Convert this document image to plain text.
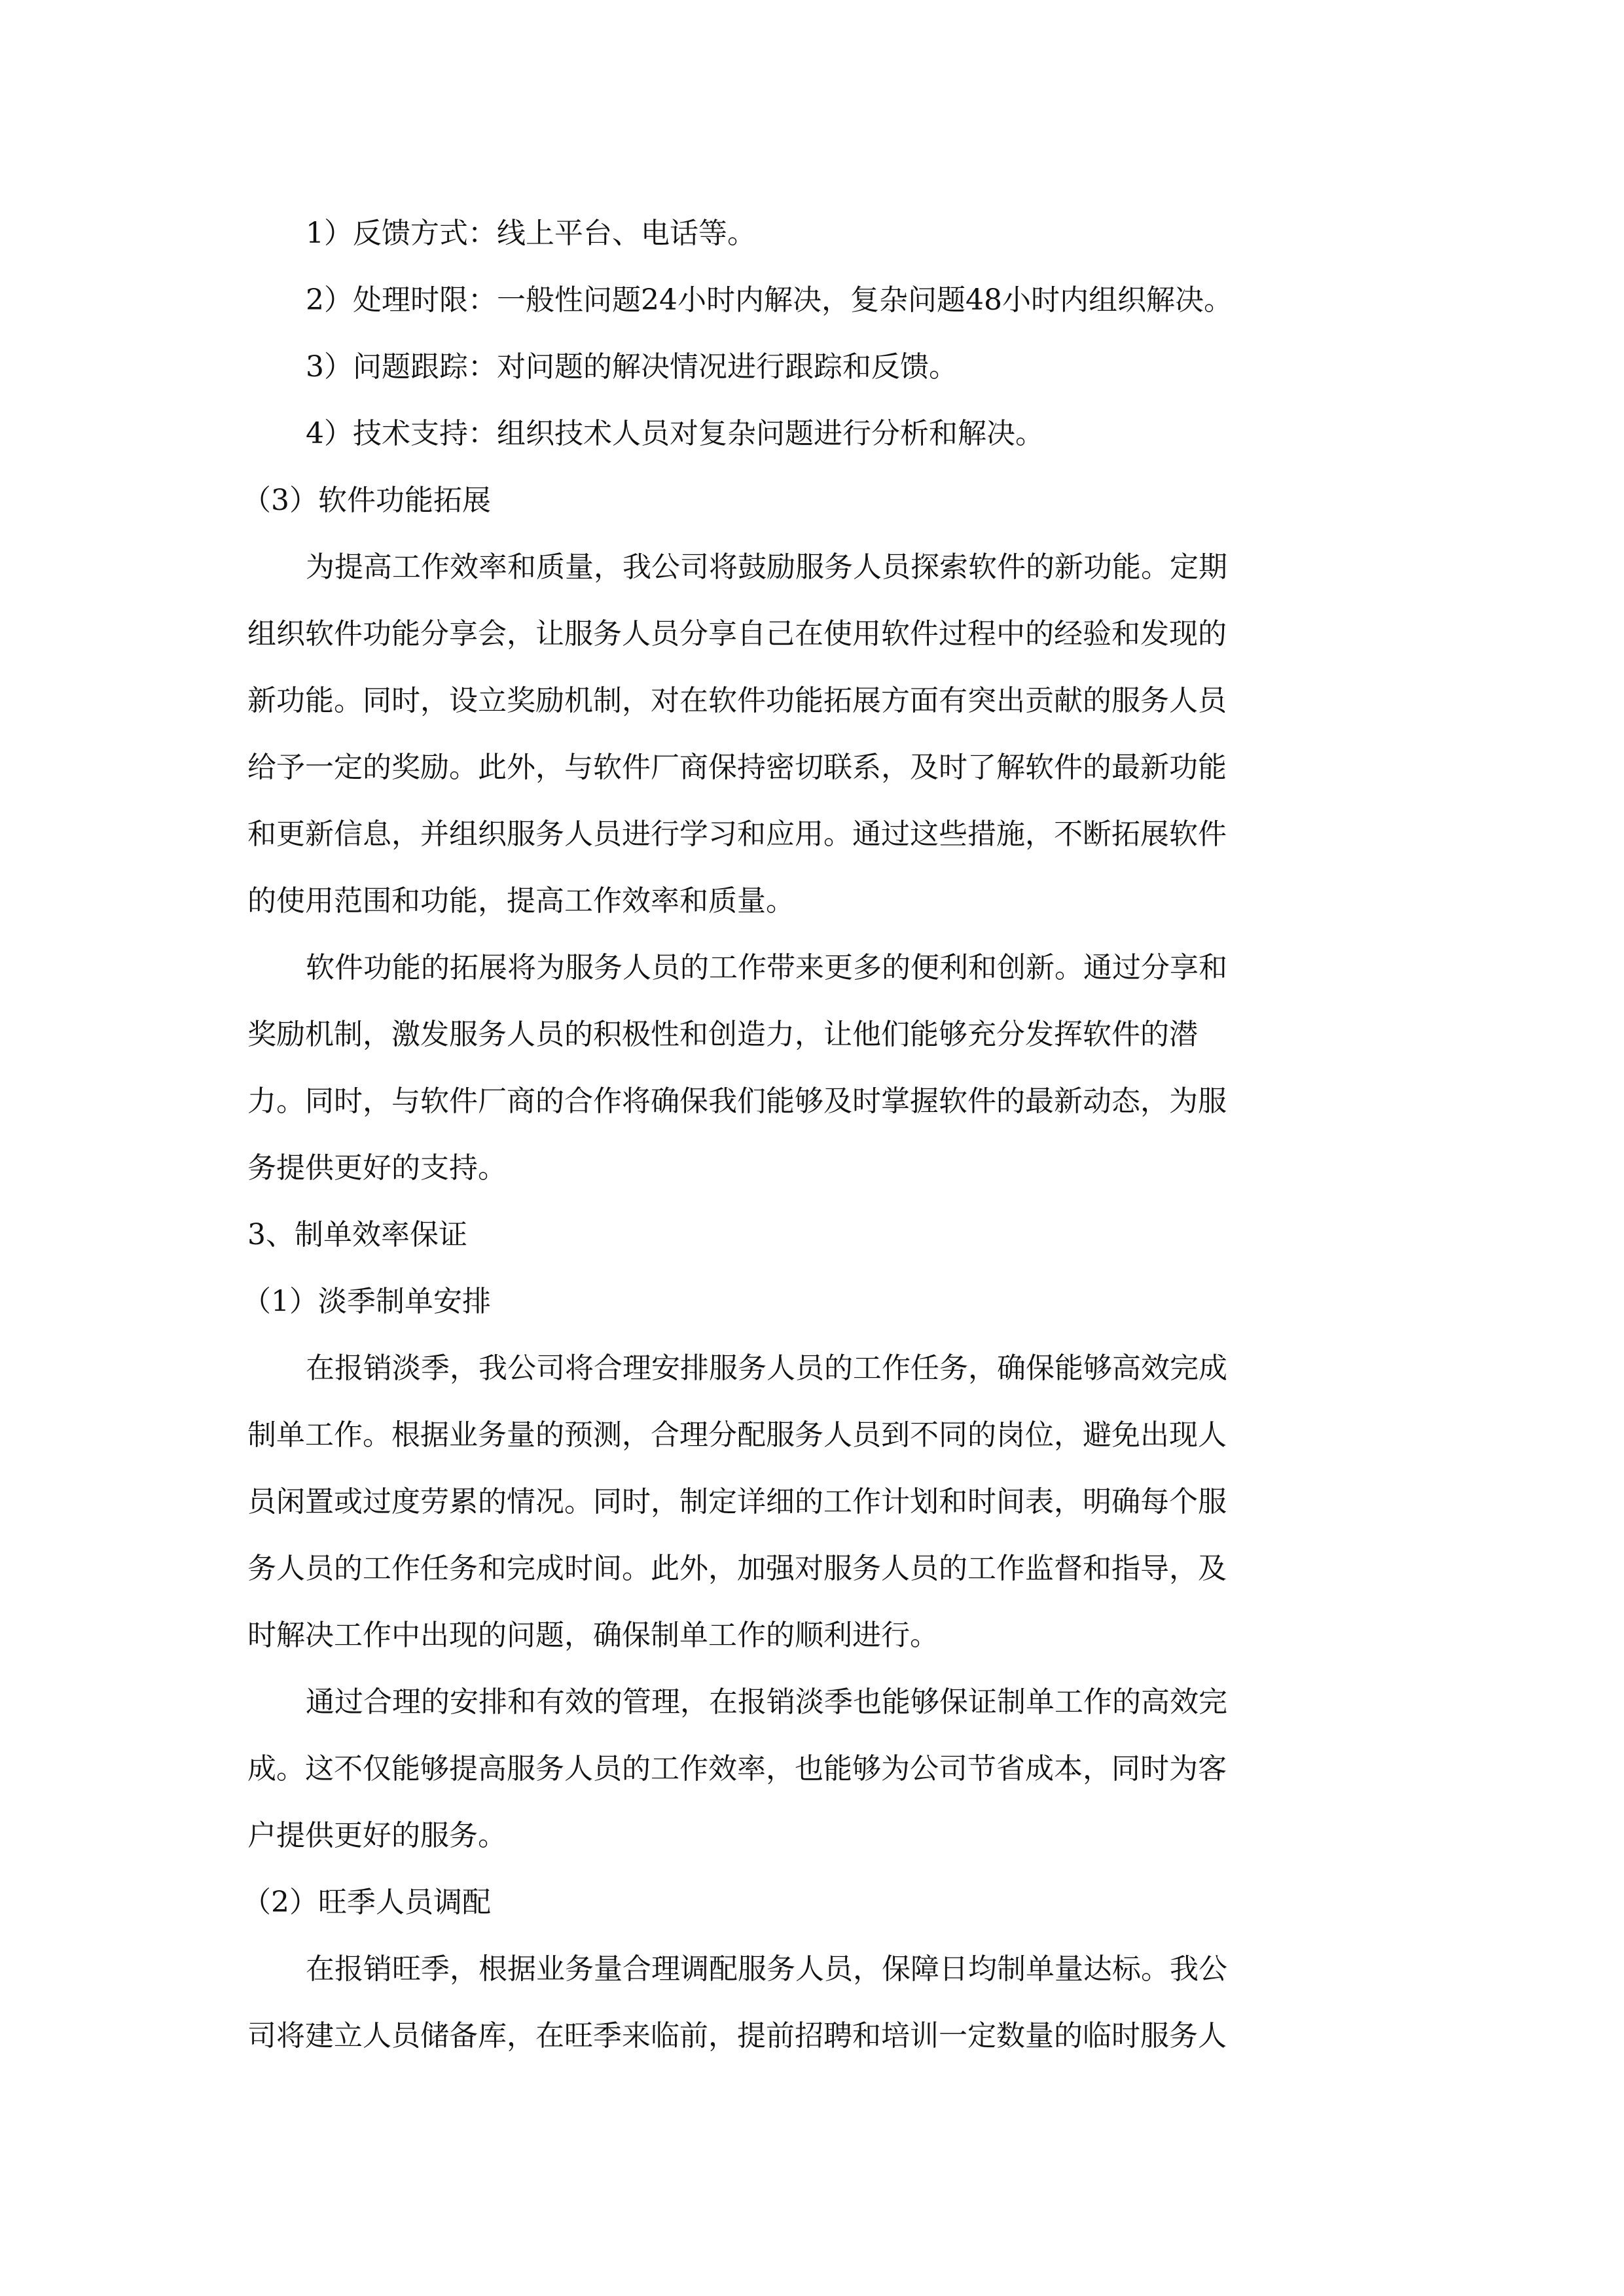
1）反馈方式：线上平台、电话等。

2）处理时限：一般性问题24小时内解决，复杂问题48小时内组织解决。

3）问题跟踪：对问题的解决情况进行跟踪和反馈。

4）技术支持：组织技术人员对复杂问题进行分析和解决。

（3）软件功能拓展

为提高工作效率和质量，我公司将鼓励服务人员探索软件的新功能。定期
组织软件功能分享会，让服务人员分享自己在使用软件过程中的经验和发现的
新功能。同时，设立奖励机制，对在软件功能拓展方面有突出贡献的服务人员
给予一定的奖励。此外，与软件厂商保持密切联系，及时了解软件的最新功能
和更新信息，并组织服务人员进行学习和应用。通过这些措施，不断拓展软件
的使用范围和功能，提高工作效率和质量。
软件功能的拓展将为服务人员的工作带来更多的便利和创新。通过分享和
奖励机制，激发服务人员的积极性和创造力，让他们能够充分发挥软件的潜
力。同时，与软件厂商的合作将确保我们能够及时掌握软件的最新动态，为服
务提供更好的支持。

3、制单效率保证

（1）淡季制单安排

在报销淡季，我公司将合理安排服务人员的工作任务，确保能够高效完成
制单工作。根据业务量的预测，合理分配服务人员到不同的岗位，避免出现人
员闲置或过度劳累的情况。同时，制定详细的工作计划和时间表，明确每个服
务人员的工作任务和完成时间。此外，加强对服务人员的工作监督和指导，及
时解决工作中出现的问题，确保制单工作的顺利进行。
通过合理的安排和有效的管理，在报销淡季也能够保证制单工作的高效完
成。这不仅能够提高服务人员的工作效率，也能够为公司节省成本，同时为客
户提供更好的服务。

（2）旺季人员调配

在报销旺季，根据业务量合理调配服务人员，保障日均制单量达标。我公
司将建立人员储备库，在旺季来临前，提前招聘和培训一定数量的临时服务人
